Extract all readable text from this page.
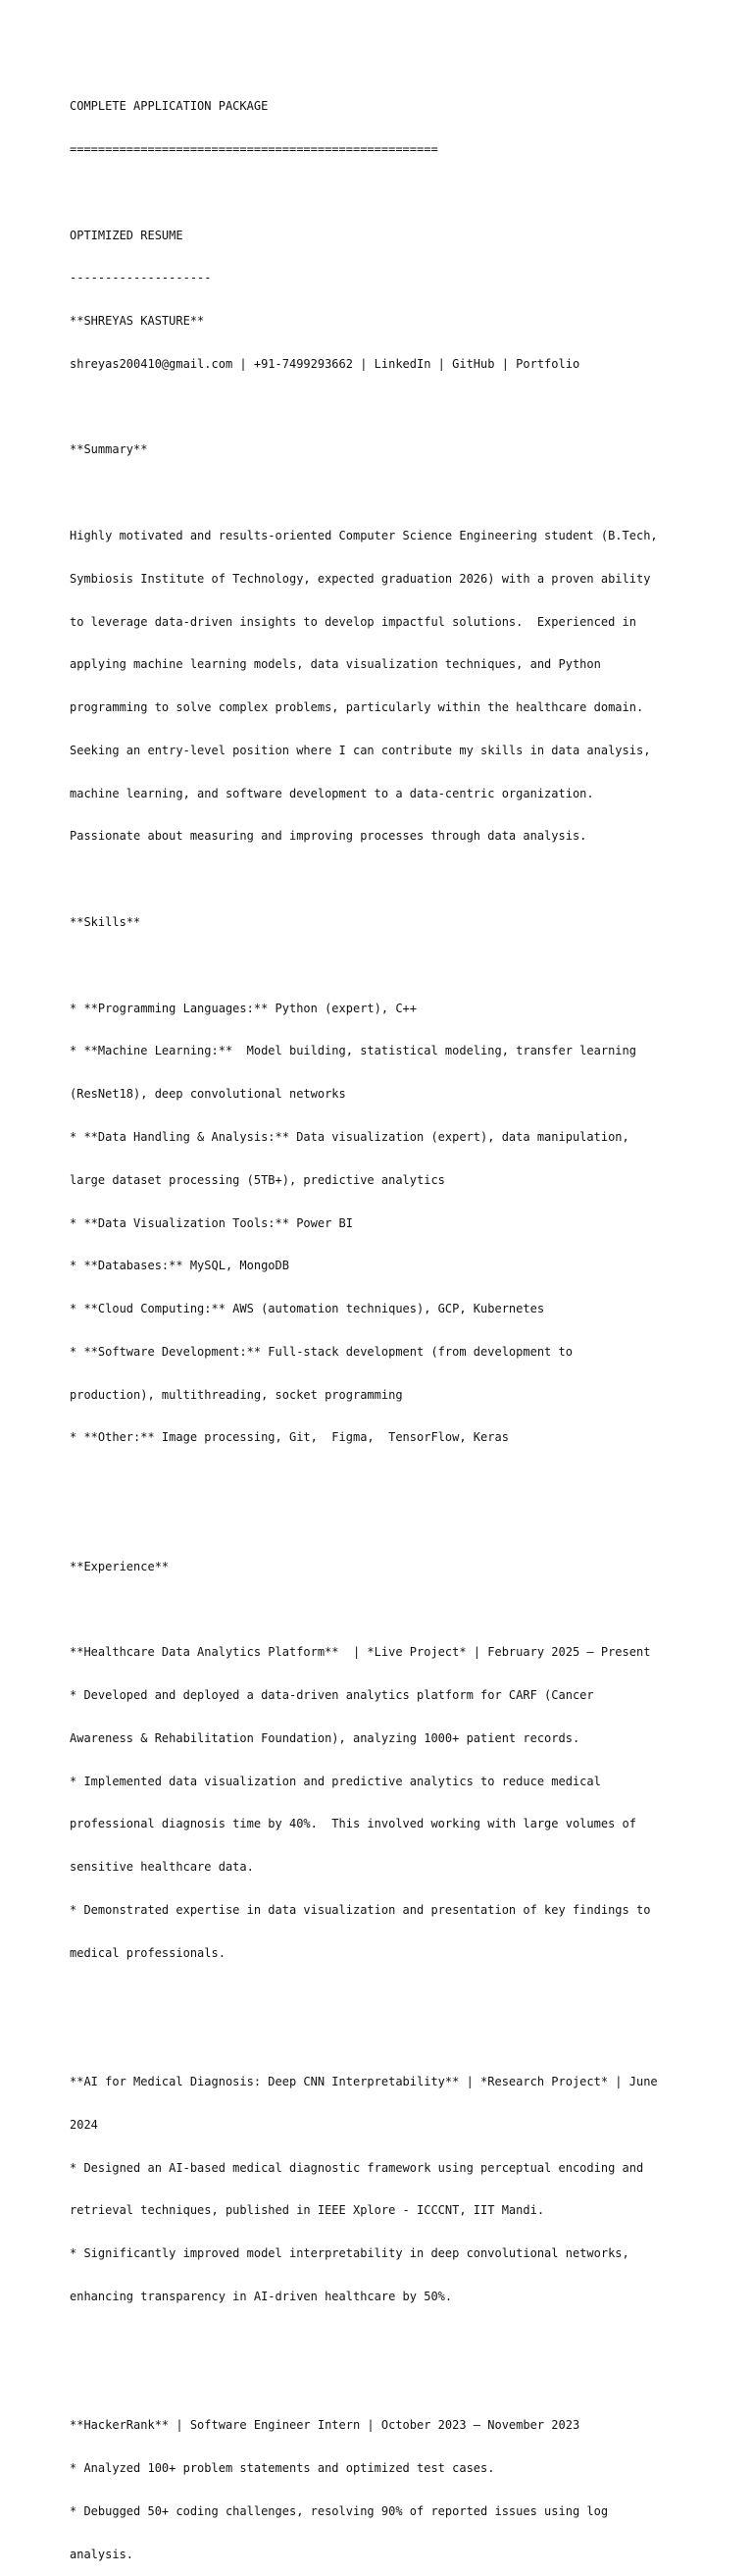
COMPLETE APPLICATION PACKAGE

====================================================

OPTIMIZED RESUME

--------------------

**SHREYAS KASTURE**

shreyas200410@gmail.com | +91-7499293662 | LinkedIn | GitHub | Portfolio

**Summary**

Highly motivated and results-oriented Computer Science Engineering student (B.Tech,

Symbiosis Institute of Technology, expected graduation 2026) with a proven ability

to leverage data-driven insights to develop impactful solutions.  Experienced in

applying machine learning models, data visualization techniques, and Python

programming to solve complex problems, particularly within the healthcare domain.

Seeking an entry-level position where I can contribute my skills in data analysis,

machine learning, and software development to a data-centric organization.

Passionate about measuring and improving processes through data analysis.

**Skills**

* **Programming Languages:** Python (expert), C++

* **Machine Learning:**  Model building, statistical modeling, transfer learning

(ResNet18), deep convolutional networks

* **Data Handling & Analysis:** Data visualization (expert), data manipulation,

large dataset processing (5TB+), predictive analytics

* **Data Visualization Tools:** Power BI

* **Databases:** MySQL, MongoDB

* **Cloud Computing:** AWS (automation techniques), GCP, Kubernetes

* **Software Development:** Full-stack development (from development to

production), multithreading, socket programming

* **Other:** Image processing, Git,  Figma,  TensorFlow, Keras

**Experience**

**Healthcare Data Analytics Platform**  | *Live Project* | February 2025 – Present

* Developed and deployed a data-driven analytics platform for CARF (Cancer

Awareness & Rehabilitation Foundation), analyzing 1000+ patient records.

* Implemented data visualization and predictive analytics to reduce medical

professional diagnosis time by 40%.  This involved working with large volumes of

sensitive healthcare data.

* Demonstrated expertise in data visualization and presentation of key findings to

medical professionals.

**AI for Medical Diagnosis: Deep CNN Interpretability** | *Research Project* | June

2024

* Designed an AI-based medical diagnostic framework using perceptual encoding and

retrieval techniques, published in IEEE Xplore - ICCCNT, IIT Mandi.

* Significantly improved model interpretability in deep convolutional networks,

enhancing transparency in AI-driven healthcare by 50%.

**HackerRank** | Software Engineer Intern | October 2023 – November 2023

* Analyzed 100+ problem statements and optimized test cases.

* Debugged 50+ coding challenges, resolving 90% of reported issues using log

analysis.
